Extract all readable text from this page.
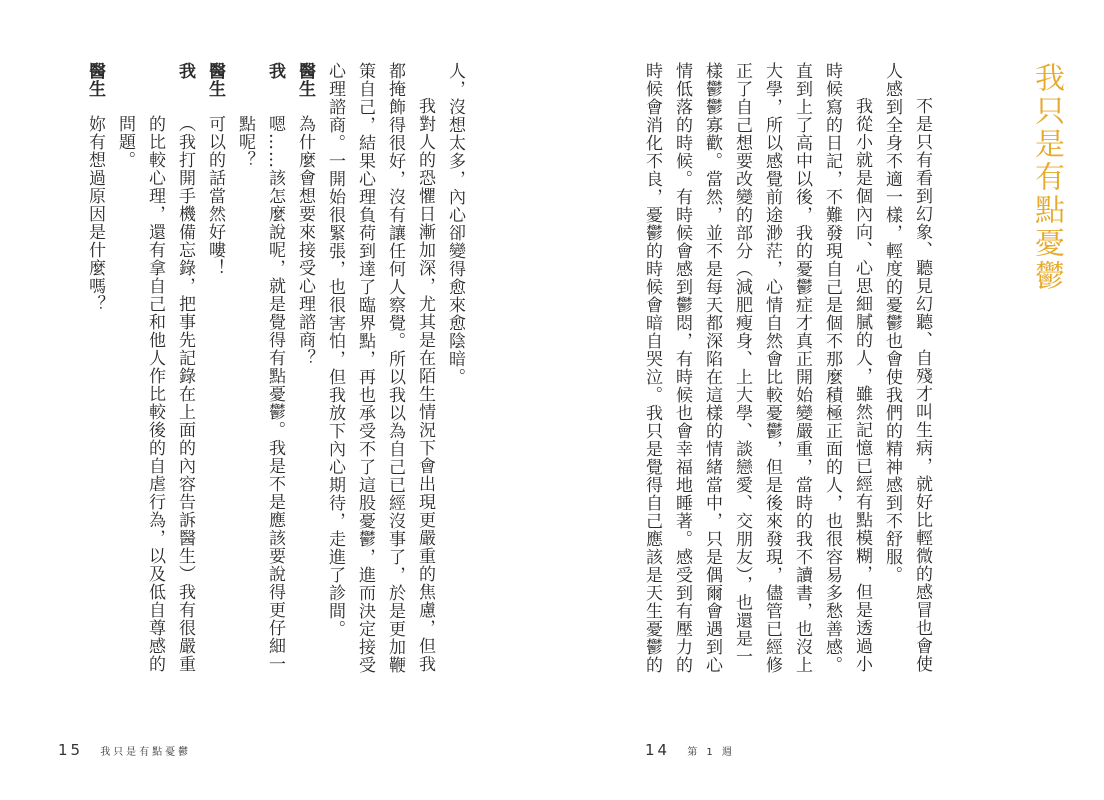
我只是有點憂鬱
不是只有看到幻象、聽見幻聽、自殘才叫生病，就好比輕微的感冒也會使
人感到全身不適一樣，輕度的憂鬱也會使我們的精神感到不舒服。
我從小就是個內向、心思細膩的人，雖然記憶已經有點模糊，但是透過小
時候寫的日記，不難發現自己是個不那麼積極正面的人，也很容易多愁善感。
直到上了高中以後，我的憂鬱症才真正開始變嚴重，當時的我不讀書，也沒上
大學，所以感覺前途渺茫，心情自然會比較憂鬱，但是後來發現，儘管已經修
正了自己想要改變的部分（減肥瘦身、上大學、談戀愛、交朋友），也還是一
樣鬱鬱寡歡。當然，並不是每天都深陷在這樣的情緒當中，只是偶爾會遇到心
情低落的時候。有時候會感到鬱悶，有時候也會幸福地睡著。感受到有壓力的
時候會消化不良，憂鬱的時候會暗自哭泣。我只是覺得自己應該是天生憂鬱的
人，沒想太多，內心卻變得愈來愈陰暗。
我對人的恐懼日漸加深，尤其是在陌生情況下會出現更嚴重的焦慮，但我
都掩飾得很好，沒有讓任何人察覺。所以我以為自己已經沒事了，於是更加鞭
策自己，結果心理負荷到達了臨界點，再也承受不了這股憂鬱，進而決定接受
心理諮商。一開始很緊張，也很害怕，但我放下內心期待，走進了診間。
醫生為什麼會想要來接受心理諮商？
我嗯……該怎麼說呢，就是覺得有點憂鬱。我是不是應該要說得更仔細一
點呢？
醫生可以的話當然好嘍！
我（我打開手機備忘錄，把事先記錄在上面的內容告訴醫生）我有很嚴重
的比較心理，還有拿自己和他人作比較後的自虐行為，以及低自尊感的
問題。
醫生妳有想過原因是什麼嗎？
15 我只是有點憂鬱	14 第 1 週
